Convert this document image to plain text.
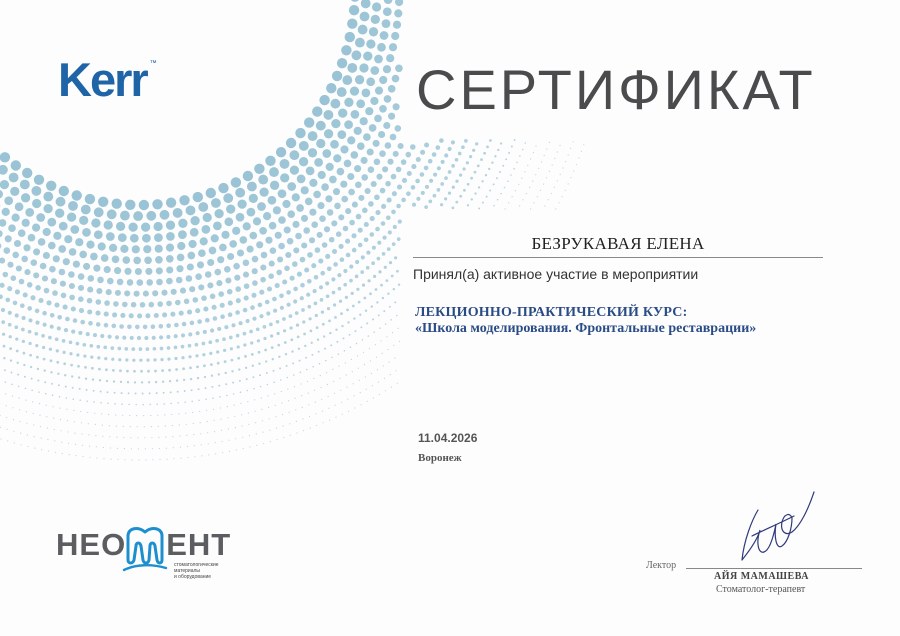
Kerr ™	СЕРТИФИКАТ
БЕЗРУКАВАЯ ЕЛЕНА
Принял(а) активное участие в мероприятии
ЛЕКЦИОННО-ПРАКТИЧЕСКИЙ КУРС:
«Школа моделирования. Фронтальные реставрации»
11.04.2026
Воронеж
Лектор
АЙЯ МАМАШЕВА
Стоматолог-терапевт
НЕО ЕНТ
стоматологические
материалы
и оборудование
